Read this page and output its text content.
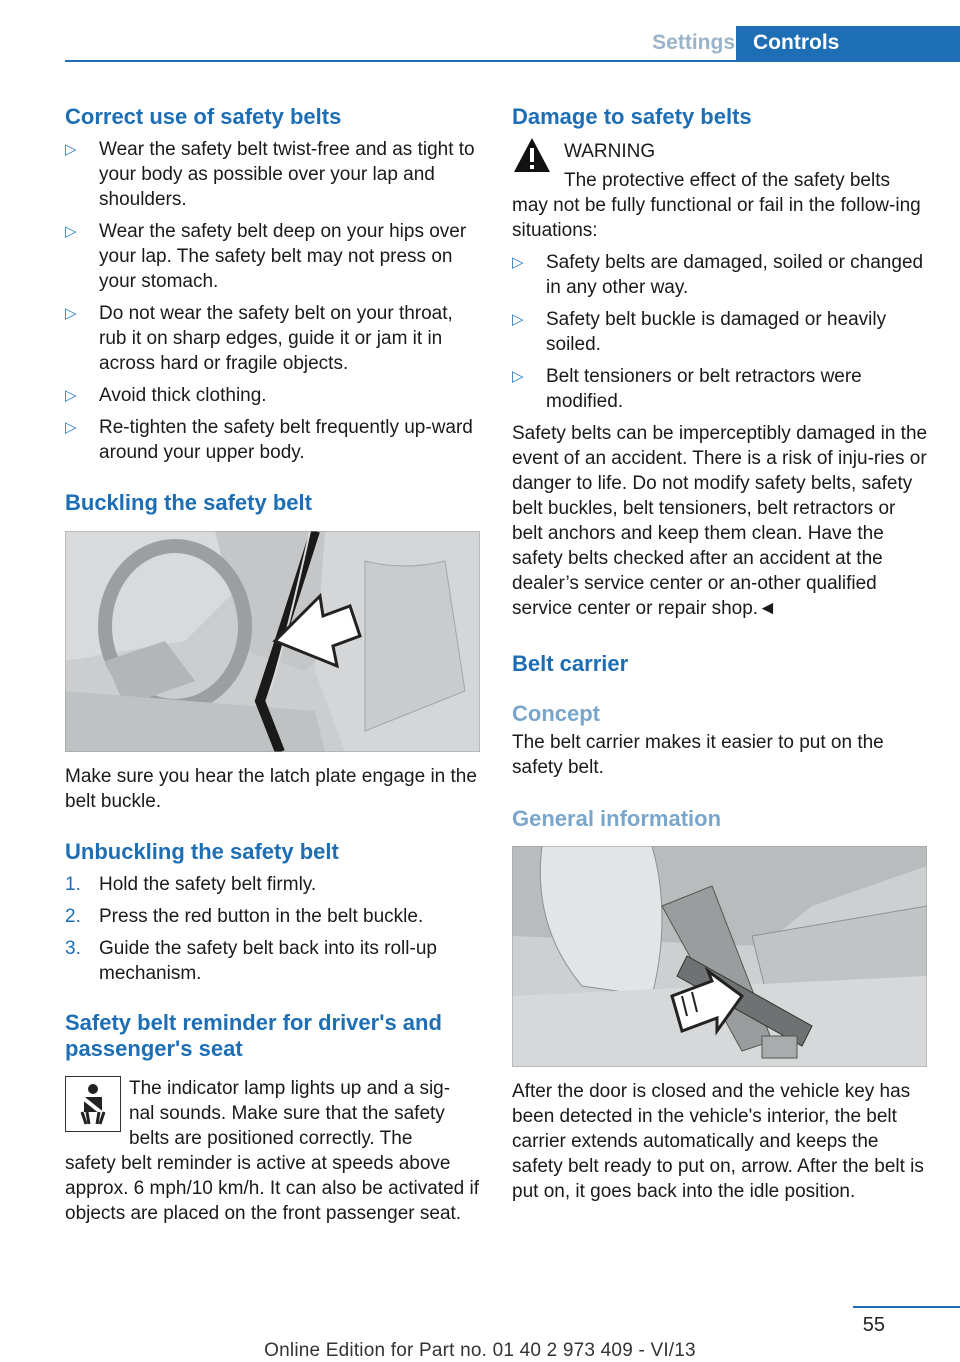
Settings Controls
Correct use of safety belts
▷ Wear the safety belt twist-free and as tight to your body as possible over your lap and shoulders.
▷ Wear the safety belt deep on your hips over your lap. The safety belt may not press on your stomach.
▷ Do not wear the safety belt on your throat, rub it on sharp edges, guide it or jam it in across hard or fragile objects.
▷ Avoid thick clothing.
▷ Re-tighten the safety belt frequently up-ward around your upper body.
Buckling the safety belt
Make sure you hear the latch plate engage in the belt buckle.
Unbuckling the safety belt
1. Hold the safety belt firmly.
2. Press the red button in the belt buckle.
3. Guide the safety belt back into its roll-up mechanism.
Safety belt reminder for driver's and passenger's seat
The indicator lamp lights up and a sig-
nal sounds. Make sure that the safety
belts are positioned correctly. The
safety belt reminder is active at speeds above approx. 6 mph/10 km/h. It can also be activated if objects are placed on the front passenger seat.
Damage to safety belts
WARNING
The protective effect of the safety belts
may not be fully functional or fail in the follow-ing situations:
▷ Safety belts are damaged, soiled or changed in any other way.
▷ Safety belt buckle is damaged or heavily soiled.
▷ Belt tensioners or belt retractors were modified.
Safety belts can be imperceptibly damaged in the event of an accident. There is a risk of inju-ries or danger to life. Do not modify safety belts, safety belt buckles, belt tensioners, belt retractors or belt anchors and keep them clean. Have the safety belts checked after an accident at the dealer’s service center or an-other qualified service center or repair shop.◄
Belt carrier
Concept
The belt carrier makes it easier to put on the safety belt.
General information
After the door is closed and the vehicle key has been detected in the vehicle's interior, the belt carrier extends automatically and keeps the safety belt ready to put on, arrow. After the belt is put on, it goes back into the idle position.
55
Online Edition for Part no. 01 40 2 973 409 - VI/13
